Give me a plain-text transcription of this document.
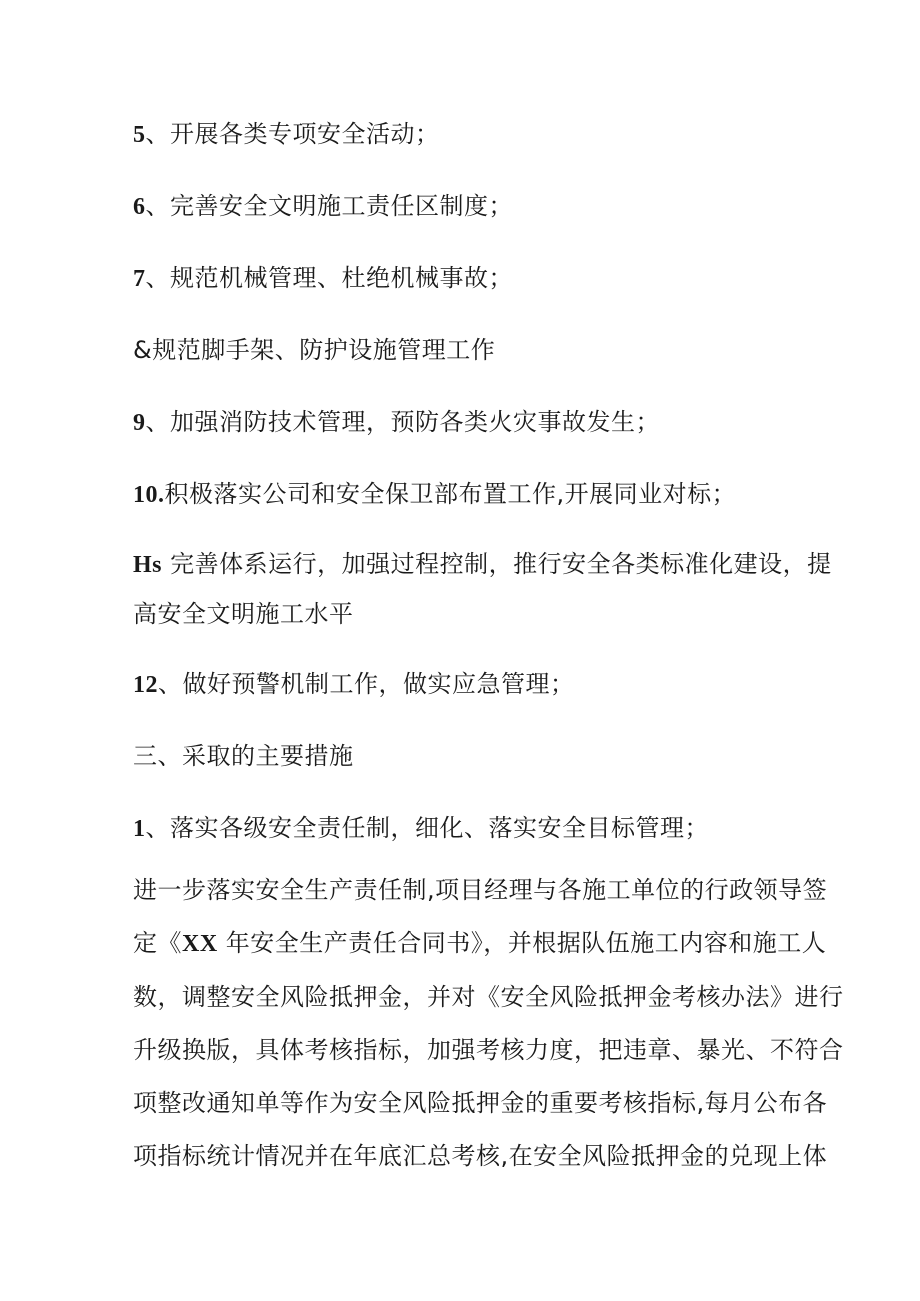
5、开展各类专项安全活动；
6、完善安全文明施工责任区制度；
7、规范机械管理、杜绝机械事故；
&规范脚手架、防护设施管理工作
9、加强消防技术管理，预防各类火灾事故发生；
10.积极落实公司和安全保卫部布置工作,开展同业对标；
Hs 完善体系运行，加强过程控制，推行安全各类标准化建设，提
高安全文明施工水平
12、做好预警机制工作，做实应急管理；
三、采取的主要措施
1、落实各级安全责任制，细化、落实安全目标管理；
进一步落实安全生产责任制,项目经理与各施工单位的行政领导签
定《XX 年安全生产责任合同书》，并根据队伍施工内容和施工人
数，调整安全风险抵押金，并对《安全风险抵押金考核办法》进行
升级换版，具体考核指标，加强考核力度，把违章、暴光、不符合
项整改通知单等作为安全风险抵押金的重要考核指标,每月公布各
项指标统计情况并在年底汇总考核,在安全风险抵押金的兑现上体
